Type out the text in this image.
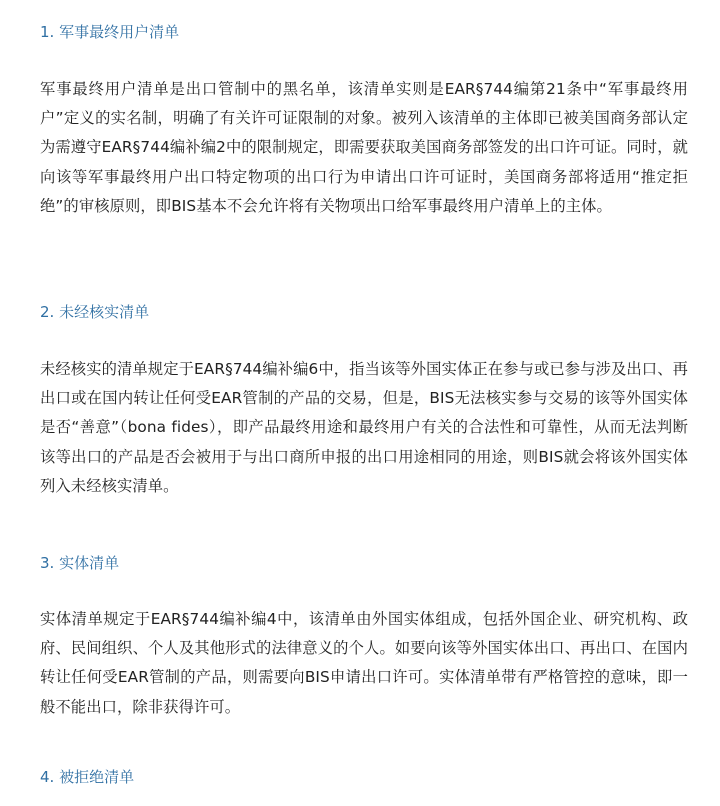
1. 军事最终用户清单

军事最终用户清单是出口管制中的黑名单，该清单实则是EAR§744编第21条中“军事最终用户”定义的实名制，明确了有关许可证限制的对象。被列入该清单的主体即已被美国商务部认定为需遵守EAR§744编补编2中的限制规定，即需要获取美国商务部签发的出口许可证。同时，就向该等军事最终用户出口特定物项的出口行为申请出口许可证时，美国商务部将适用“推定拒绝”的审核原则，即BIS基本不会允许将有关物项出口给军事最终用户清单上的主体。

2. 未经核实清单

未经核实的清单规定于EAR§744编补编6中，指当该等外国实体正在参与或已参与涉及出口、再出口或在国内转让任何受EAR管制的产品的交易，但是，BIS无法核实参与交易的该等外国实体是否“善意”（bona fides），即产品最终用途和最终用户有关的合法性和可靠性，从而无法判断该等出口的产品是否会被用于与出口商所申报的出口用途相同的用途，则BIS就会将该外国实体列入未经核实清单。

3. 实体清单

实体清单规定于EAR§744编补编4中，该清单由外国实体组成，包括外国企业、研究机构、政府、民间组织、个人及其他形式的法律意义的个人。如要向该等外国实体出口、再出口、在国内转让任何受EAR管制的产品，则需要向BIS申请出口许可。实体清单带有严格管控的意味，即一般不能出口，除非获得许可。

4. 被拒绝清单
